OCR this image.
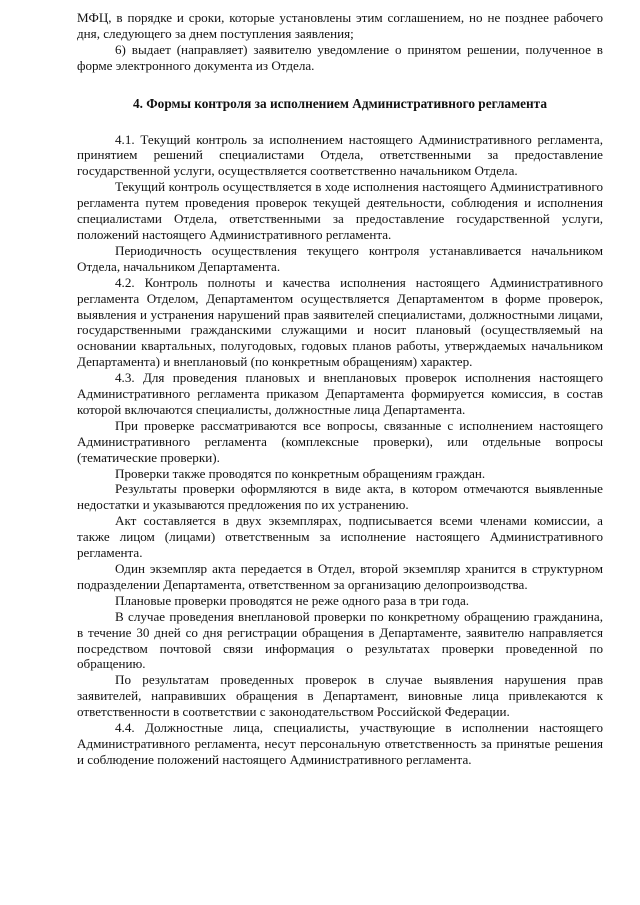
МФЦ, в порядке и сроки, которые установлены этим соглашением, но не позднее рабочего дня, следующего за днем поступления заявления;

6) выдает (направляет) заявителю уведомление о принятом решении, полученное в форме электронного документа из Отдела.

4. Формы контроля за исполнением Административного регламента

4.1. Текущий контроль за исполнением настоящего Административного регламента, принятием решений специалистами Отдела, ответственными за предоставление государственной услуги, осуществляется соответственно начальником Отдела.

Текущий контроль осуществляется в ходе исполнения настоящего Административного регламента путем проведения проверок текущей деятельности, соблюдения и исполнения специалистами Отдела, ответственными за предоставление государственной услуги, положений настоящего Административного регламента.

Периодичность осуществления текущего контроля устанавливается начальником Отдела, начальником Департамента.

4.2. Контроль полноты и качества исполнения настоящего Административного регламента Отделом, Департаментом осуществляется Департаментом в форме проверок, выявления и устранения нарушений прав заявителей специалистами, должностными лицами, государственными гражданскими служащими и носит плановый (осуществляемый на основании квартальных, полугодовых, годовых планов работы, утверждаемых начальником Департамента) и внеплановый (по конкретным обращениям) характер.

4.3. Для проведения плановых и внеплановых проверок исполнения настоящего Административного регламента приказом Департамента формируется комиссия, в состав которой включаются специалисты, должностные лица Департамента.

При проверке рассматриваются все вопросы, связанные с исполнением настоящего Административного регламента (комплексные проверки), или отдельные вопросы (тематические проверки).

Проверки также проводятся по конкретным обращениям граждан.

Результаты проверки оформляются в виде акта, в котором отмечаются выявленные недостатки и указываются предложения по их устранению.

Акт составляется в двух экземплярах, подписывается всеми членами комиссии, а также лицом (лицами) ответственным за исполнение настоящего Административного регламента.

Один экземпляр акта передается в Отдел, второй экземпляр хранится в структурном подразделении Департамента, ответственном за организацию делопроизводства.

Плановые проверки проводятся не реже одного раза в три года.

В случае проведения внеплановой проверки по конкретному обращению гражданина, в течение 30 дней со дня регистрации обращения в Департаменте, заявителю направляется посредством почтовой связи информация о результатах проверки проведенной по обращению.

По результатам проведенных проверок в случае выявления нарушения прав заявителей, направивших обращения в Департамент, виновные лица привлекаются к ответственности в соответствии с законодательством Российской Федерации.

4.4. Должностные лица, специалисты, участвующие в исполнении настоящего Административного регламента, несут персональную ответственность за принятые решения и соблюдение положений настоящего Административного регламента.
